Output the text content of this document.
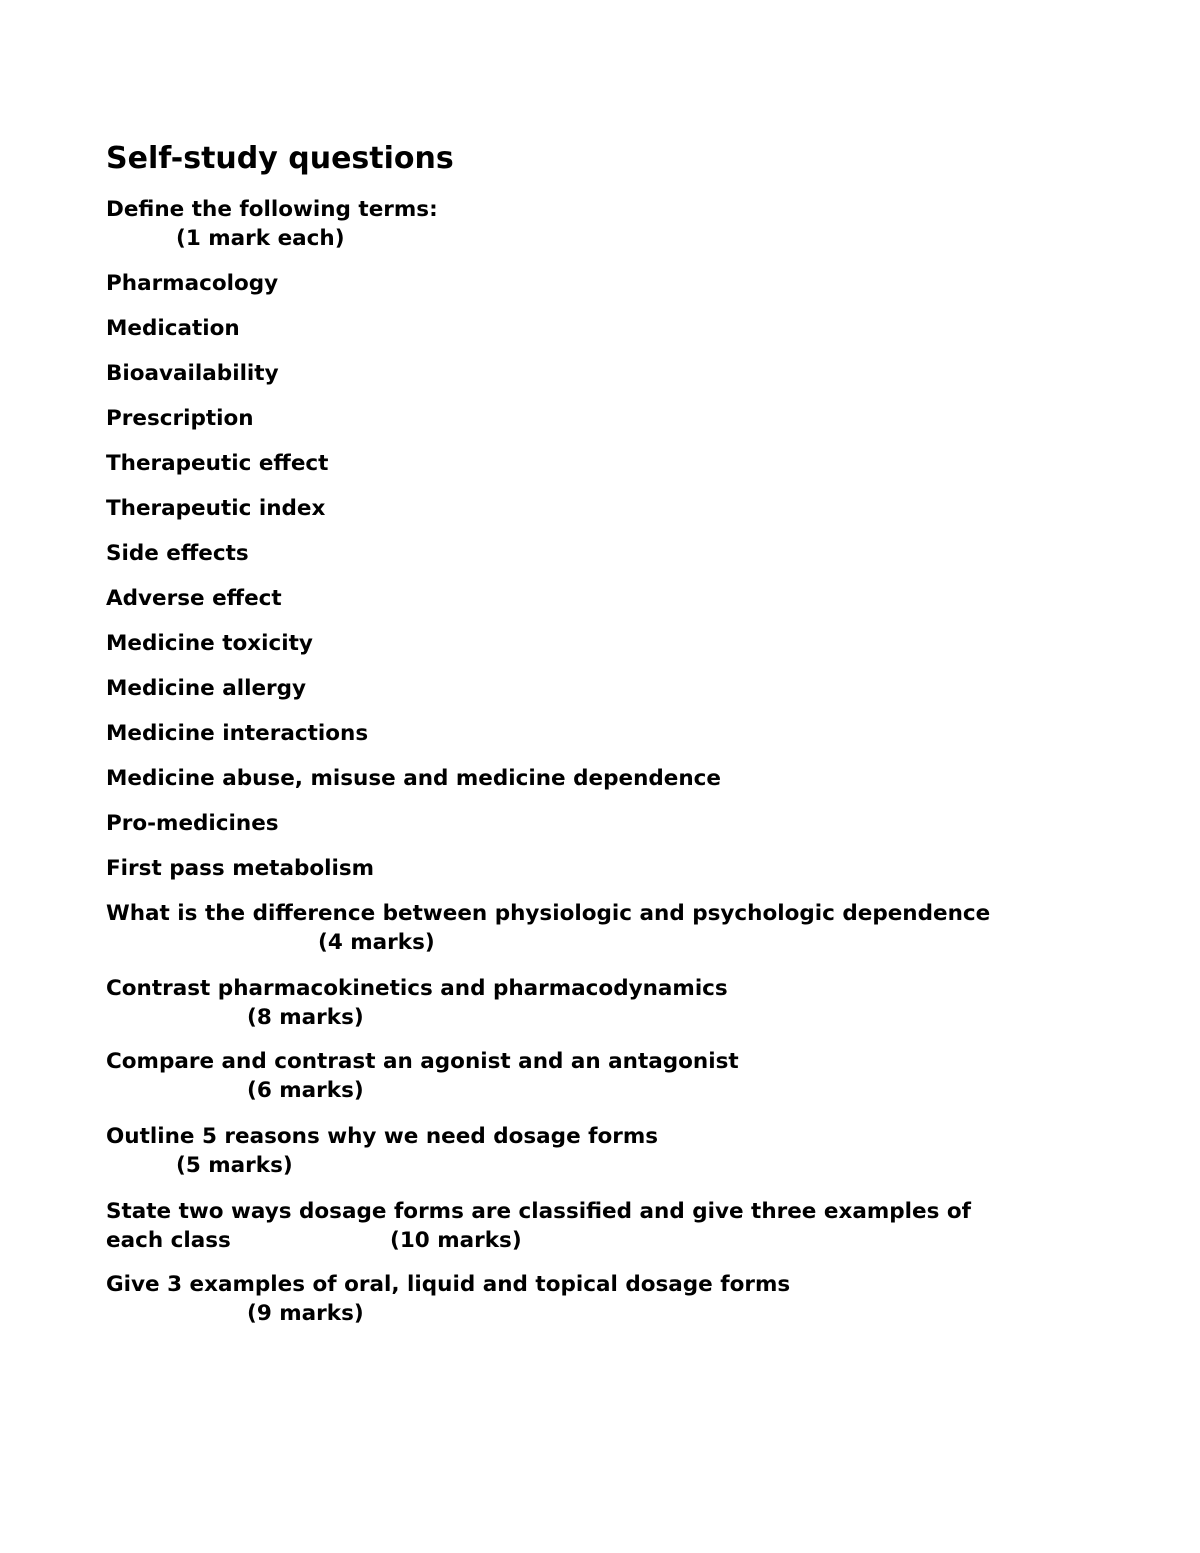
Self-study questions
Define the following terms:
(1 mark each)
Pharmacology
Medication
Bioavailability
Prescription
Therapeutic effect
Therapeutic index
Side effects
Adverse effect
Medicine toxicity
Medicine allergy
Medicine interactions
Medicine abuse, misuse and medicine dependence
Pro-medicines
First pass metabolism
What is the difference between physiologic and psychologic dependence
(4 marks)
Contrast pharmacokinetics and pharmacodynamics
(8 marks)
Compare and contrast an agonist and an antagonist
(6 marks)
Outline 5 reasons why we need dosage forms
(5 marks)
State two ways dosage forms are classified and give three examples of
each class	(10 marks)
Give 3 examples of oral, liquid and topical dosage forms
(9 marks)
